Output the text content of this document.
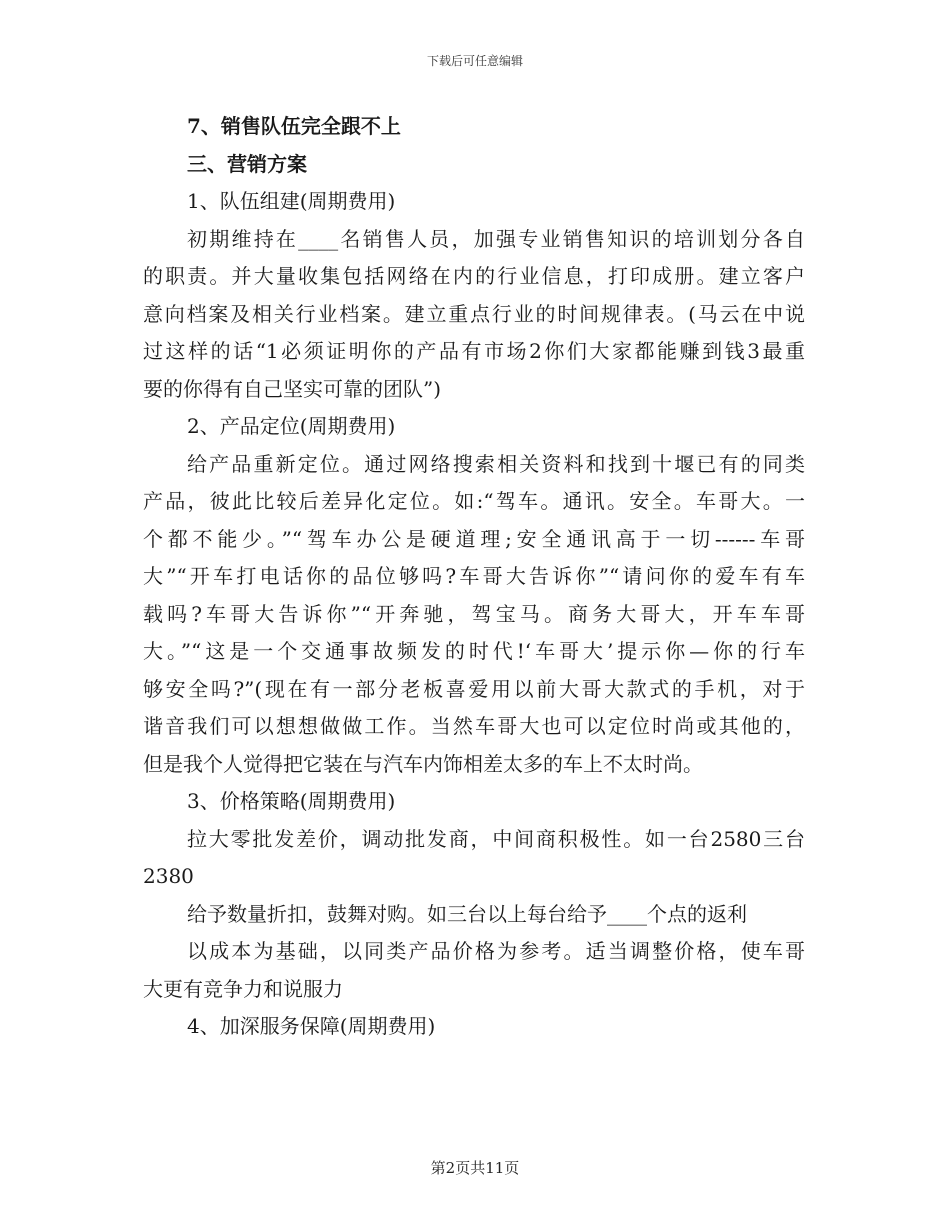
下载后可任意编辑
7、销售队伍完全跟不上
三、营销方案
1、队伍组建(周期费用)
初期维持在____名销售人员，加强专业销售知识的培训划分各自
的职责。并大量收集包括网络在内的行业信息，打印成册。建立客户
意向档案及相关行业档案。建立重点行业的时间规律表。(马云在中说
过这样的话“1必须证明你的产品有市场2你们大家都能赚到钱3最重
要的你得有自己坚实可靠的团队”)
2、产品定位(周期费用)
给产品重新定位。通过网络搜索相关资料和找到十堰已有的同类
产品，彼此比较后差异化定位。如:“驾车。通讯。安全。车哥大。一
个都不能少。”“驾车办公是硬道理;安全通讯高于一切------车哥
大”“开车打电话你的品位够吗?车哥大告诉你”“请问你的爱车有车
载吗?车哥大告诉你”“开奔驰，驾宝马。商务大哥大，开车车哥
大。”“这是一个交通事故频发的时代!‘车哥大’提示你—你的行车
够安全吗?”(现在有一部分老板喜爱用以前大哥大款式的手机，对于
谐音我们可以想想做做工作。当然车哥大也可以定位时尚或其他的，
但是我个人觉得把它装在与汽车内饰相差太多的车上不太时尚。
3、价格策略(周期费用)
拉大零批发差价，调动批发商，中间商积极性。如一台2580三台
2380
给予数量折扣，鼓舞对购。如三台以上每台给予____个点的返利
以成本为基础，以同类产品价格为参考。适当调整价格，使车哥
大更有竞争力和说服力
4、加深服务保障(周期费用)
第2页共11页
